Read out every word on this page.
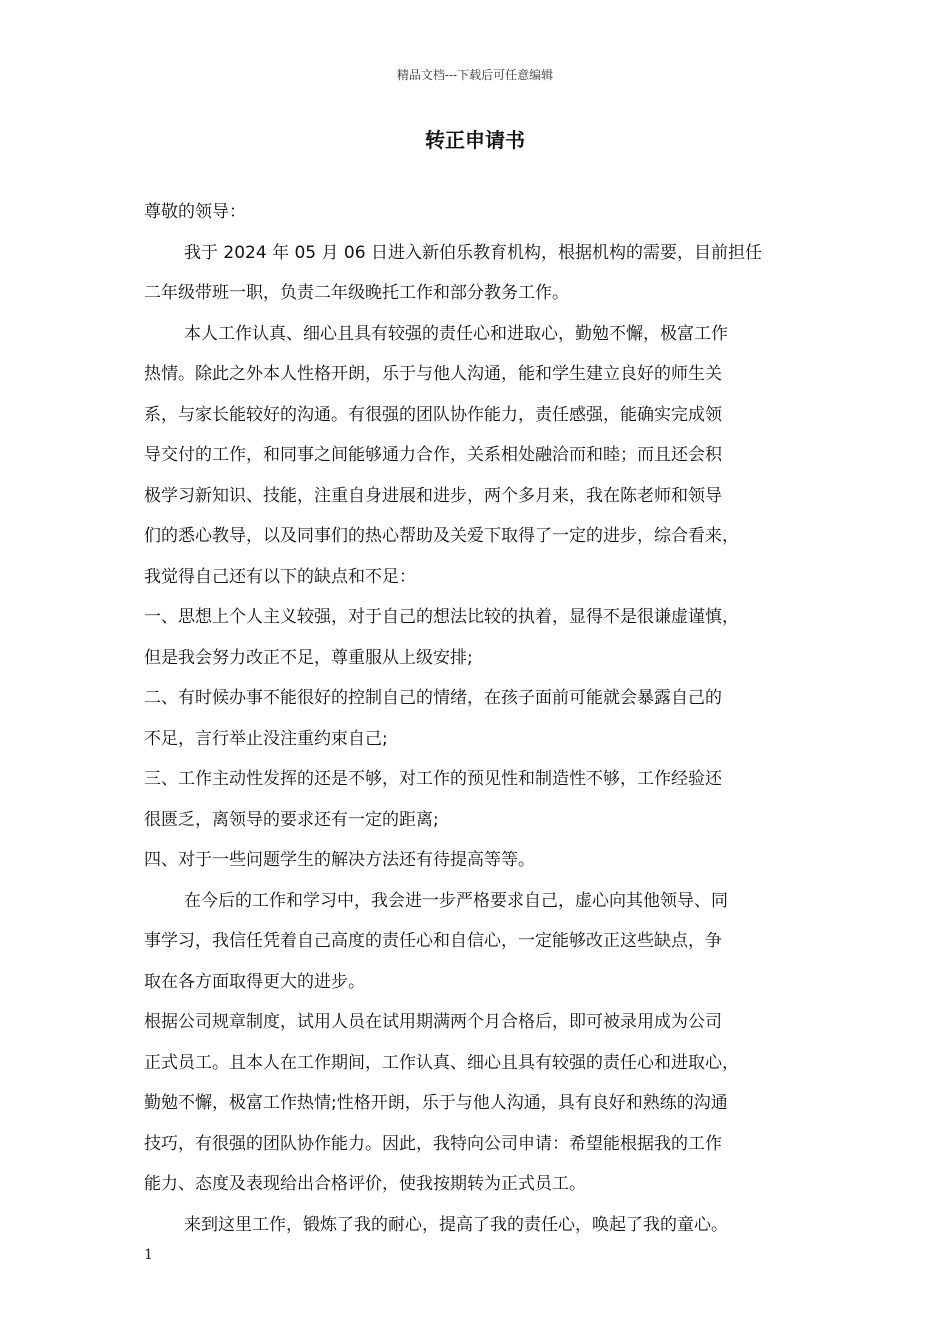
精品文档---下载后可任意编辑
转正申请书
尊敬的领导：
我于 2024 年 05 月 06 日进入新伯乐教育机构，根据机构的需要，目前担任
二年级带班一职，负责二年级晚托工作和部分教务工作。
本人工作认真、细心且具有较强的责任心和进取心，勤勉不懈，极富工作
热情。除此之外本人性格开朗，乐于与他人沟通，能和学生建立良好的师生关
系，与家长能较好的沟通。有很强的团队协作能力，责任感强，能确实完成领
导交付的工作，和同事之间能够通力合作，关系相处融洽而和睦；而且还会积
极学习新知识、技能，注重自身进展和进步，两个多月来，我在陈老师和领导
们的悉心教导，以及同事们的热心帮助及关爱下取得了一定的进步，综合看来，
我觉得自己还有以下的缺点和不足：
一、思想上个人主义较强，对于自己的想法比较的执着，显得不是很谦虚谨慎，
但是我会努力改正不足，尊重服从上级安排;
二、有时候办事不能很好的控制自己的情绪，在孩子面前可能就会暴露自己的
不足，言行举止没注重约束自己;
三、工作主动性发挥的还是不够，对工作的预见性和制造性不够，工作经验还
很匮乏，离领导的要求还有一定的距离;
四、对于一些问题学生的解决方法还有待提高等等。
在今后的工作和学习中，我会进一步严格要求自己，虚心向其他领导、同
事学习，我信任凭着自己高度的责任心和自信心，一定能够改正这些缺点，争
取在各方面取得更大的进步。
根据公司规章制度，试用人员在试用期满两个月合格后，即可被录用成为公司
正式员工。且本人在工作期间，工作认真、细心且具有较强的责任心和进取心，
勤勉不懈，极富工作热情;性格开朗，乐于与他人沟通，具有良好和熟练的沟通
技巧，有很强的团队协作能力。因此，我特向公司申请：希望能根据我的工作
能力、态度及表现给出合格评价，使我按期转为正式员工。
来到这里工作，锻炼了我的耐心，提高了我的责任心，唤起了我的童心。
1
